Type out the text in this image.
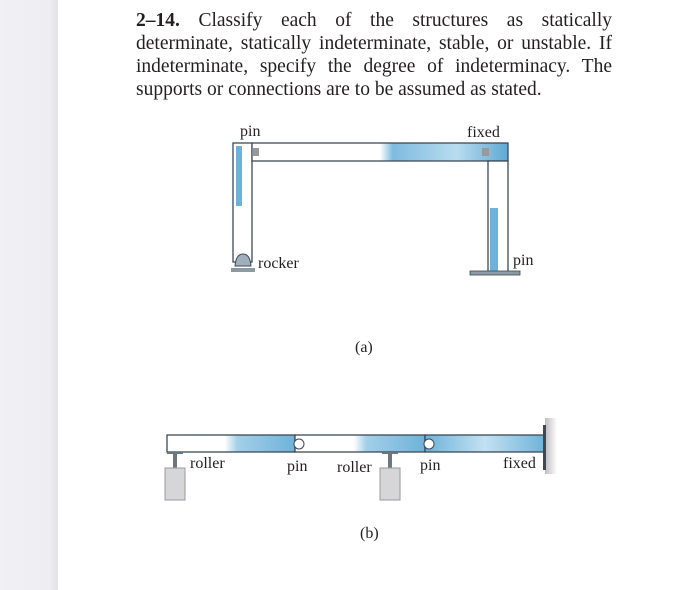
2–14. Classify each of the structures as statically determinate, statically indeterminate, stable, or unstable. If indeterminate, specify the degree of indeterminacy. The supports or connections are to be assumed as stated.
pin	fixed
rocker	pin
(a)
roller	pin roller	pin	fixed
(b)
